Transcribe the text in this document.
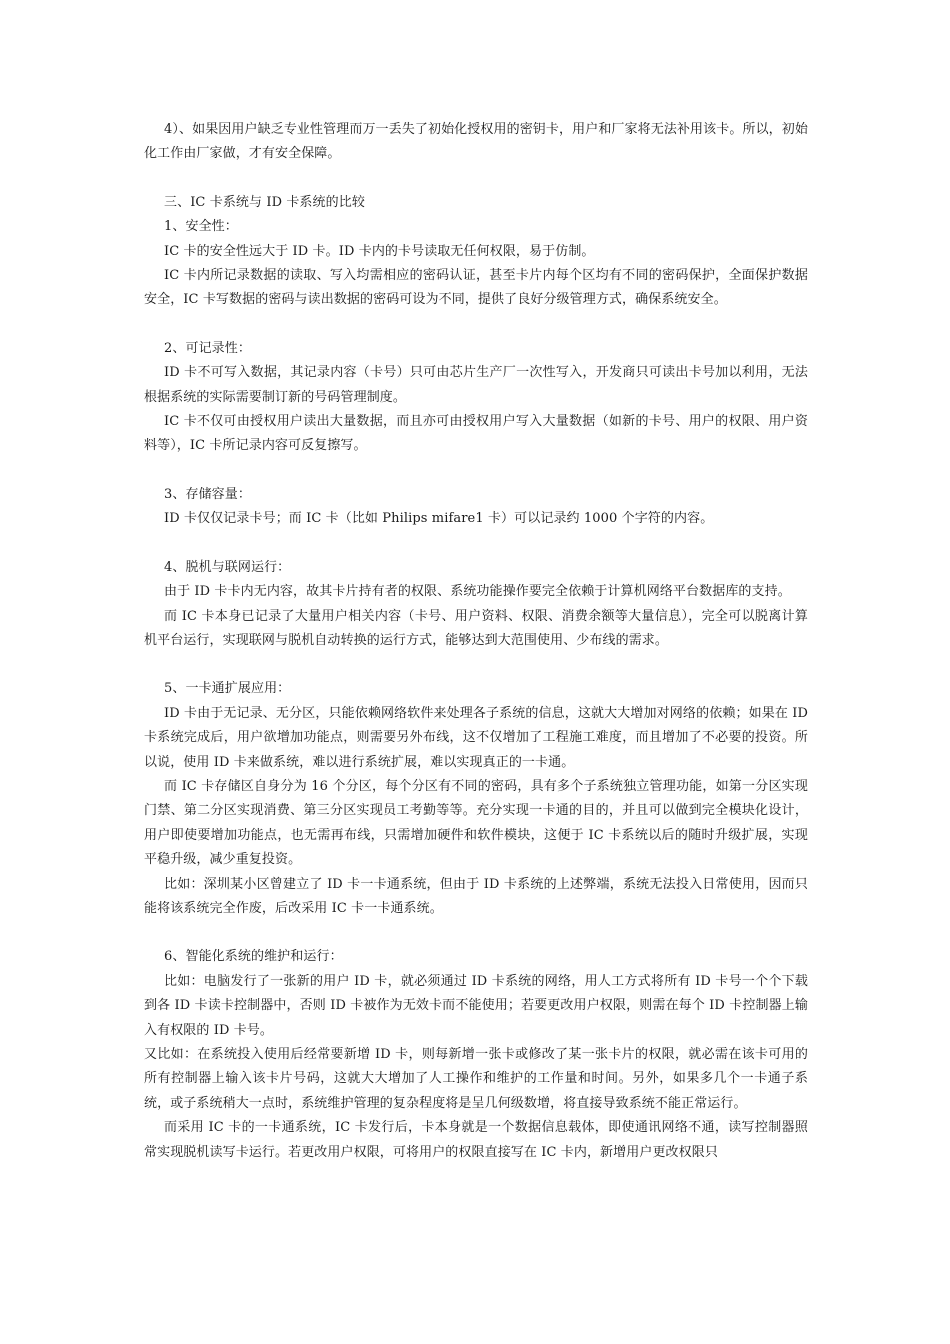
4）、如果因用户缺乏专业性管理而万一丢失了初始化授权用的密钥卡，用户和厂家将无法补用该卡。所以，初始化工作由厂家做，才有安全保障。
三、IC 卡系统与 ID 卡系统的比较
1、安全性：
IC 卡的安全性远大于 ID 卡。ID 卡内的卡号读取无任何权限，易于仿制。
IC 卡内所记录数据的读取、写入均需相应的密码认证，甚至卡片内每个区均有不同的密码保护，全面保护数据安全，IC 卡写数据的密码与读出数据的密码可设为不同，提供了良好分级管理方式，确保系统安全。
2、可记录性：
ID 卡不可写入数据，其记录内容（卡号）只可由芯片生产厂一次性写入，开发商只可读出卡号加以利用，无法根据系统的实际需要制订新的号码管理制度。
IC 卡不仅可由授权用户读出大量数据，而且亦可由授权用户写入大量数据（如新的卡号、用户的权限、用户资料等），IC 卡所记录内容可反复擦写。
3、存储容量：
ID 卡仅仅记录卡号；而 IC 卡（比如 Philips mifare1 卡）可以记录约 1000 个字符的内容。
4、脱机与联网运行：
由于 ID 卡卡内无内容，故其卡片持有者的权限、系统功能操作要完全依赖于计算机网络平台数据库的支持。
而 IC 卡本身已记录了大量用户相关内容（卡号、用户资料、权限、消费余额等大量信息），完全可以脱离计算机平台运行，实现联网与脱机自动转换的运行方式，能够达到大范围使用、少布线的需求。
5、一卡通扩展应用：
ID 卡由于无记录、无分区，只能依赖网络软件来处理各子系统的信息，这就大大增加对网络的依赖；如果在 ID 卡系统完成后，用户欲增加功能点，则需要另外布线，这不仅增加了工程施工难度，而且增加了不必要的投资。所以说，使用 ID 卡来做系统，难以进行系统扩展，难以实现真正的一卡通。
而 IC 卡存储区自身分为 16 个分区，每个分区有不同的密码，具有多个子系统独立管理功能，如第一分区实现门禁、第二分区实现消费、第三分区实现员工考勤等等。充分实现一卡通的目的，并且可以做到完全模块化设计，用户即使要增加功能点，也无需再布线，只需增加硬件和软件模块，这便于 IC 卡系统以后的随时升级扩展，实现平稳升级，减少重复投资。
比如：深圳某小区曾建立了 ID 卡一卡通系统，但由于 ID 卡系统的上述弊端，系统无法投入日常使用，因而只能将该系统完全作废，后改采用 IC 卡一卡通系统。
6、智能化系统的维护和运行：
比如：电脑发行了一张新的用户 ID 卡，就必须通过 ID 卡系统的网络，用人工方式将所有 ID 卡号一个个下载到各 ID 卡读卡控制器中，否则 ID 卡被作为无效卡而不能使用；若要更改用户权限，则需在每个 ID 卡控制器上输入有权限的 ID 卡号。
又比如：在系统投入使用后经常要新增 ID 卡，则每新增一张卡或修改了某一张卡片的权限，就必需在该卡可用的所有控制器上输入该卡片号码，这就大大增加了人工操作和维护的工作量和时间。另外，如果多几个一卡通子系统，或子系统稍大一点时，系统维护管理的复杂程度将是呈几何级数增，将直接导致系统不能正常运行。
而采用 IC 卡的一卡通系统，IC 卡发行后，卡本身就是一个数据信息载体，即使通讯网络不通，读写控制器照常实现脱机读写卡运行。若更改用户权限，可将用户的权限直接写在 IC 卡内，新增用户更改权限只
